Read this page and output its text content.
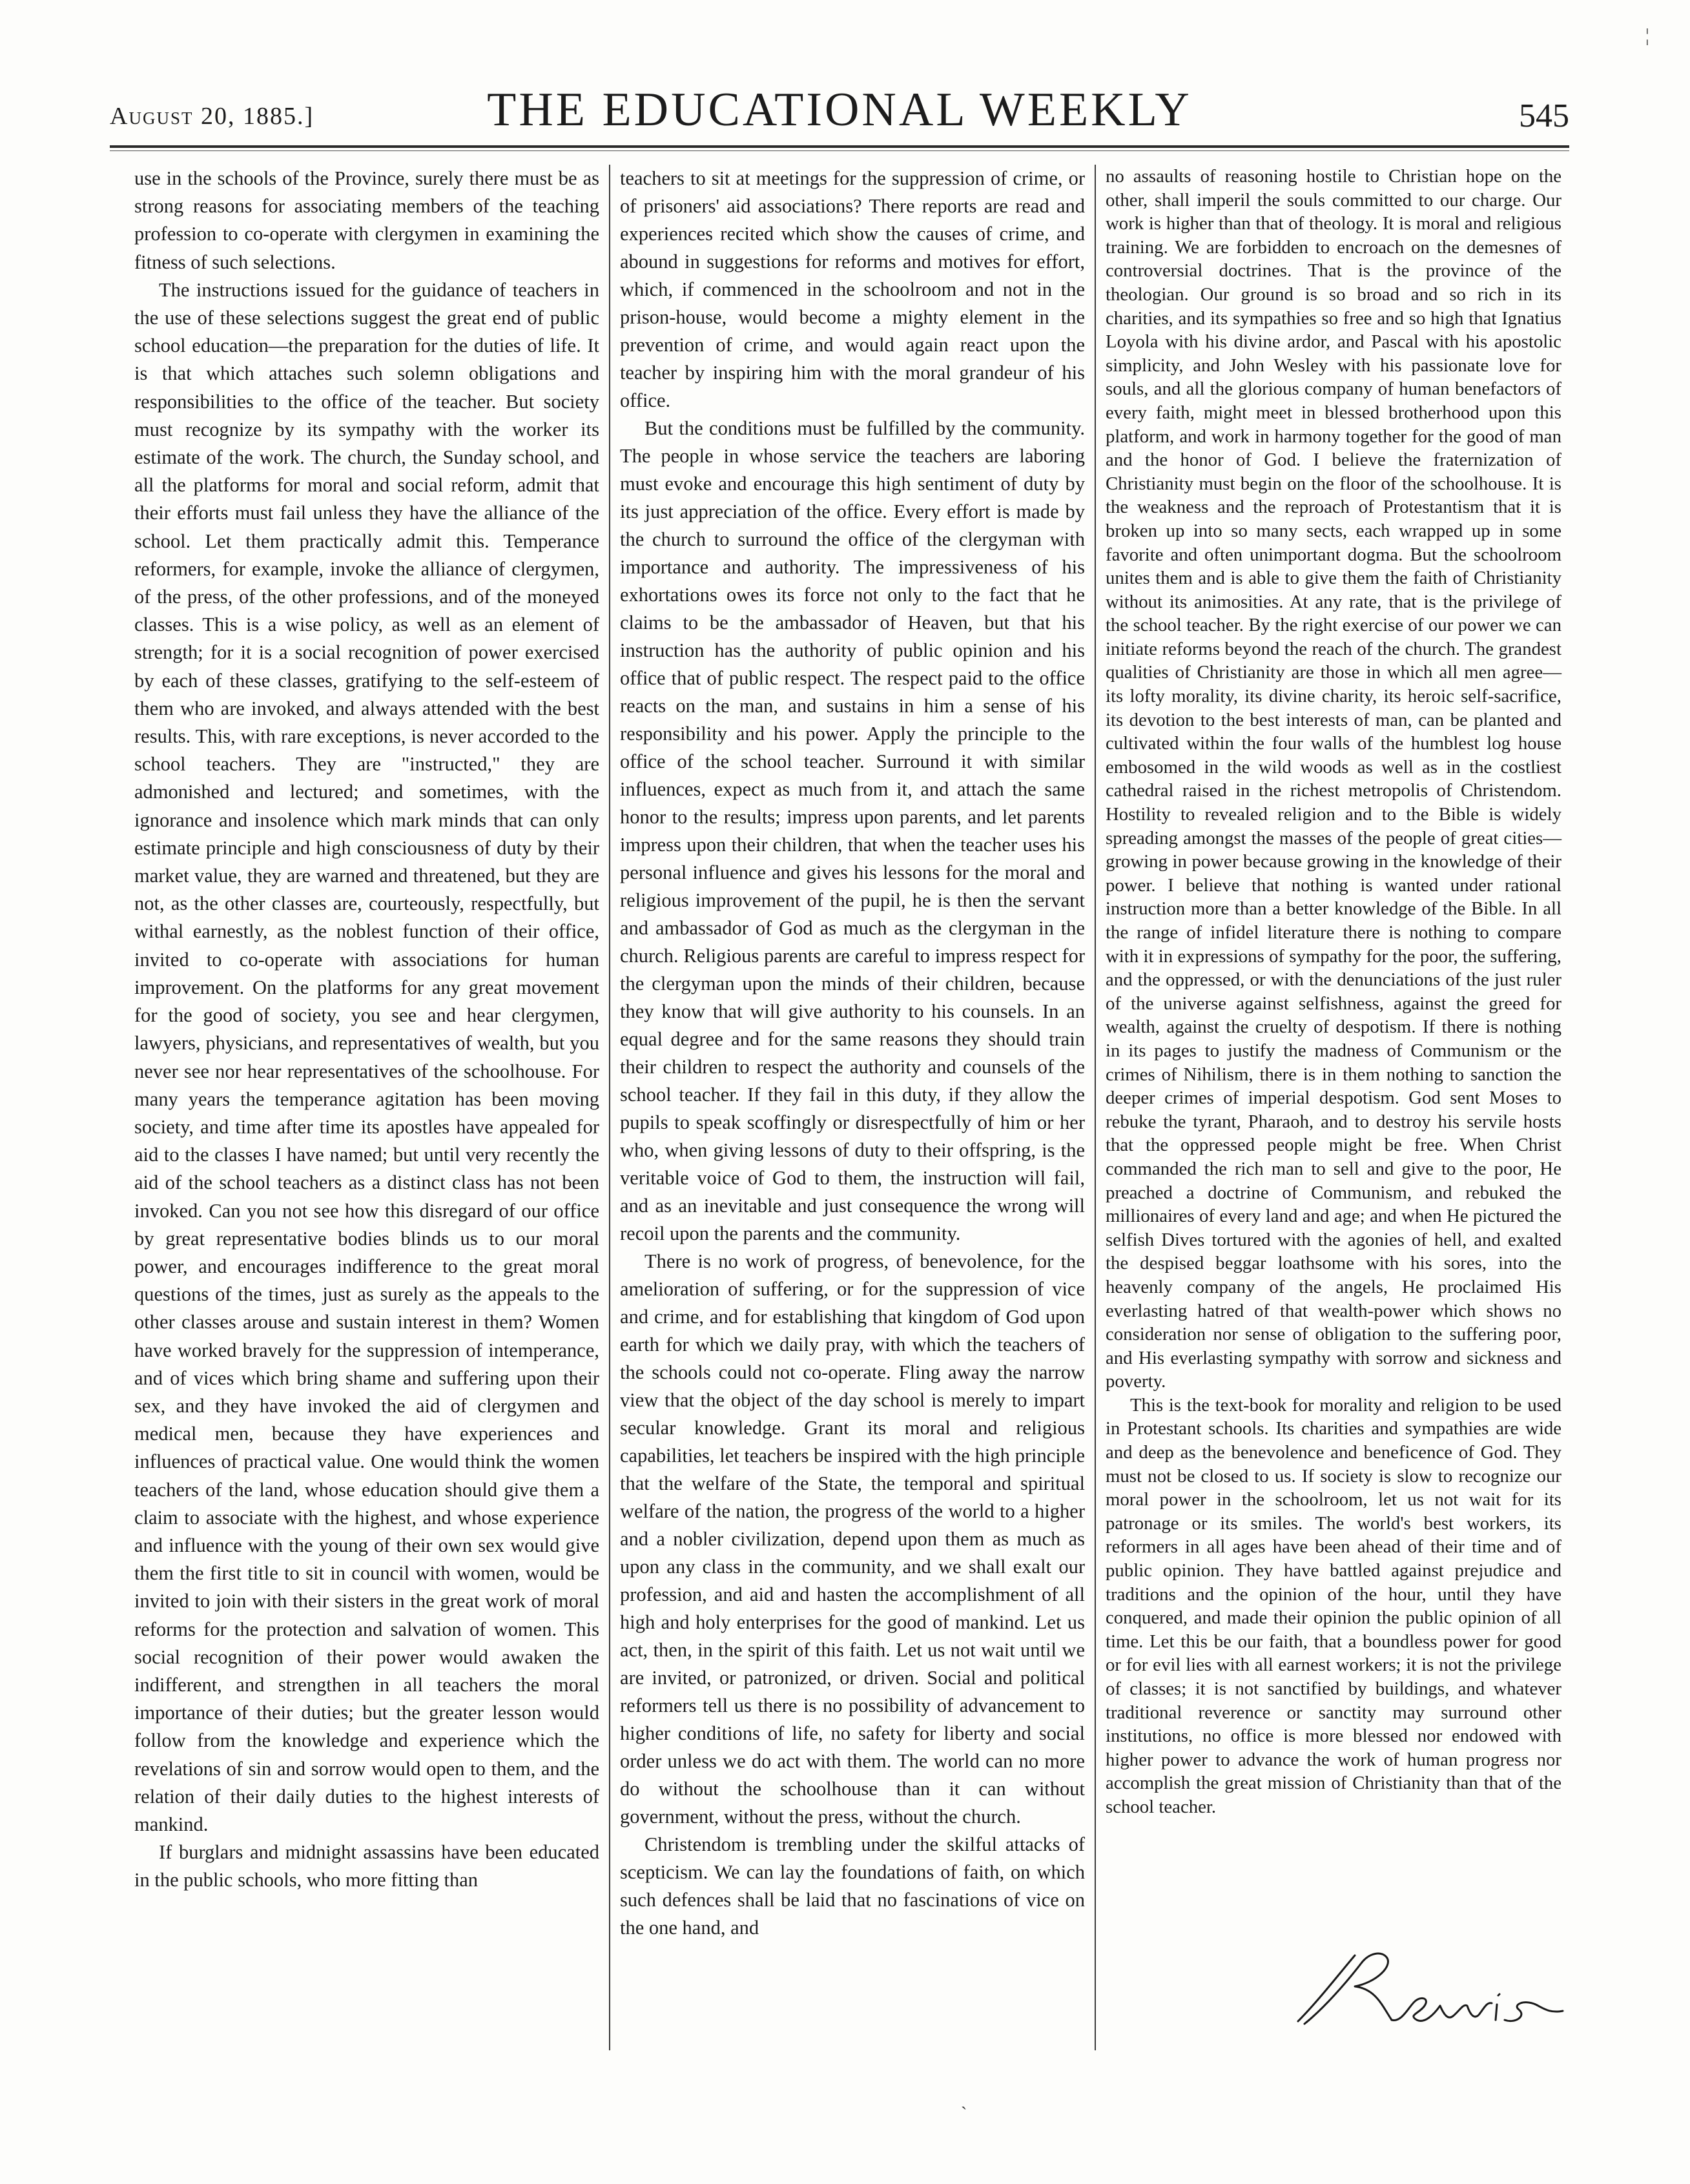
August 20, 1885.]	THE EDUCATIONAL WEEKLY	545

use in the schools of the Province, surely there must be as strong reasons for associating members of the teaching profession to co-operate with clergymen in examining the fitness of such selections.

The instructions issued for the guidance of teachers in the use of these selections suggest the great end of public school education—the preparation for the duties of life. It is that which attaches such solemn obligations and responsibilities to the office of the teacher. But society must recognize by its sympathy with the worker its estimate of the work. The church, the Sunday school, and all the platforms for moral and social reform, admit that their efforts must fail unless they have the alliance of the school. Let them practically admit this. Temperance reformers, for example, invoke the alliance of clergymen, of the press, of the other professions, and of the moneyed classes. This is a wise policy, as well as an element of strength; for it is a social recognition of power exercised by each of these classes, gratifying to the self-esteem of them who are invoked, and always attended with the best results. This, with rare exceptions, is never accorded to the school teachers. They are "instructed," they are admonished and lectured; and sometimes, with the ignorance and insolence which mark minds that can only estimate principle and high consciousness of duty by their market value, they are warned and threatened, but they are not, as the other classes are, courteously, respectfully, but withal earnestly, as the noblest function of their office, invited to co-operate with associations for human improvement. On the platforms for any great movement for the good of society, you see and hear clergymen, lawyers, physicians, and representatives of wealth, but you never see nor hear representatives of the schoolhouse. For many years the temperance agitation has been moving society, and time after time its apostles have appealed for aid to the classes I have named; but until very recently the aid of the school teachers as a distinct class has not been invoked. Can you not see how this disregard of our office by great representative bodies blinds us to our moral power, and encourages indifference to the great moral questions of the times, just as surely as the appeals to the other classes arouse and sustain interest in them? Women have worked bravely for the suppression of intemperance, and of vices which bring shame and suffering upon their sex, and they have invoked the aid of clergymen and medical men, because they have experiences and influences of practical value. One would think the women teachers of the land, whose education should give them a claim to associate with the highest, and whose experience and influence with the young of their own sex would give them the first title to sit in council with women, would be invited to join with their sisters in the great work of moral reforms for the protection and salvation of women. This social recognition of their power would awaken the indifferent, and strengthen in all teachers the moral importance of their duties; but the greater lesson would follow from the knowledge and experience which the revelations of sin and sorrow would open to them, and the relation of their daily duties to the highest interests of mankind.

If burglars and midnight assassins have been educated in the public schools, who more fitting than

teachers to sit at meetings for the suppression of crime, or of prisoners' aid associations? There reports are read and experiences recited which show the causes of crime, and abound in suggestions for reforms and motives for effort, which, if commenced in the schoolroom and not in the prison-house, would become a mighty element in the prevention of crime, and would again react upon the teacher by inspiring him with the moral grandeur of his office.

But the conditions must be fulfilled by the community. The people in whose service the teachers are laboring must evoke and encourage this high sentiment of duty by its just appreciation of the office. Every effort is made by the church to surround the office of the clergyman with importance and authority. The impressiveness of his exhortations owes its force not only to the fact that he claims to be the ambassador of Heaven, but that his instruction has the authority of public opinion and his office that of public respect. The respect paid to the office reacts on the man, and sustains in him a sense of his responsibility and his power. Apply the principle to the office of the school teacher. Surround it with similar influences, expect as much from it, and attach the same honor to the results; impress upon parents, and let parents impress upon their children, that when the teacher uses his personal influence and gives his lessons for the moral and religious improvement of the pupil, he is then the servant and ambassador of God as much as the clergyman in the church. Religious parents are careful to impress respect for the clergyman upon the minds of their children, because they know that will give authority to his counsels. In an equal degree and for the same reasons they should train their children to respect the authority and counsels of the school teacher. If they fail in this duty, if they allow the pupils to speak scoffingly or disrespectfully of him or her who, when giving lessons of duty to their offspring, is the veritable voice of God to them, the instruction will fail, and as an inevitable and just consequence the wrong will recoil upon the parents and the community.

There is no work of progress, of benevolence, for the amelioration of suffering, or for the suppression of vice and crime, and for establishing that kingdom of God upon earth for which we daily pray, with which the teachers of the schools could not co-operate. Fling away the narrow view that the object of the day school is merely to impart secular knowledge. Grant its moral and religious capabilities, let teachers be inspired with the high principle that the welfare of the State, the temporal and spiritual welfare of the nation, the progress of the world to a higher and a nobler civilization, depend upon them as much as upon any class in the community, and we shall exalt our profession, and aid and hasten the accomplishment of all high and holy enterprises for the good of mankind. Let us act, then, in the spirit of this faith. Let us not wait until we are invited, or patronized, or driven. Social and political reformers tell us there is no possibility of advancement to higher conditions of life, no safety for liberty and social order unless we do act with them. The world can no more do without the schoolhouse than it can without government, without the press, without the church.

Christendom is trembling under the skilful attacks of scepticism. We can lay the foundations of faith, on which such defences shall be laid that no fascinations of vice on the one hand, and

no assaults of reasoning hostile to Christian hope on the other, shall imperil the souls committed to our charge. Our work is higher than that of theology. It is moral and religious training. We are forbidden to encroach on the demesnes of controversial doctrines. That is the province of the theologian. Our ground is so broad and so rich in its charities, and its sympathies so free and so high that Ignatius Loyola with his divine ardor, and Pascal with his apostolic simplicity, and John Wesley with his passionate love for souls, and all the glorious company of human benefactors of every faith, might meet in blessed brotherhood upon this platform, and work in harmony together for the good of man and the honor of God. I believe the fraternization of Christianity must begin on the floor of the schoolhouse. It is the weakness and the reproach of Protestantism that it is broken up into so many sects, each wrapped up in some favorite and often unimportant dogma. But the schoolroom unites them and is able to give them the faith of Christianity without its animosities. At any rate, that is the privilege of the school teacher. By the right exercise of our power we can initiate reforms beyond the reach of the church. The grandest qualities of Christianity are those in which all men agree—its lofty morality, its divine charity, its heroic self-sacrifice, its devotion to the best interests of man, can be planted and cultivated within the four walls of the humblest log house embosomed in the wild woods as well as in the costliest cathedral raised in the richest metropolis of Christendom. Hostility to revealed religion and to the Bible is widely spreading amongst the masses of the people of great cities—growing in power because growing in the knowledge of their power. I believe that nothing is wanted under rational instruction more than a better knowledge of the Bible. In all the range of infidel literature there is nothing to compare with it in expressions of sympathy for the poor, the suffering, and the oppressed, or with the denunciations of the just ruler of the universe against selfishness, against the greed for wealth, against the cruelty of despotism. If there is nothing in its pages to justify the madness of Communism or the crimes of Nihilism, there is in them nothing to sanction the deeper crimes of imperial despotism. God sent Moses to rebuke the tyrant, Pharaoh, and to destroy his servile hosts that the oppressed people might be free. When Christ commanded the rich man to sell and give to the poor, He preached a doctrine of Communism, and rebuked the millionaires of every land and age; and when He pictured the selfish Dives tortured with the agonies of hell, and exalted the despised beggar loathsome with his sores, into the heavenly company of the angels, He proclaimed His everlasting hatred of that wealth-power which shows no consideration nor sense of obligation to the suffering poor, and His everlasting sympathy with sorrow and sickness and poverty.

This is the text-book for morality and religion to be used in Protestant schools. Its charities and sympathies are wide and deep as the benevolence and beneficence of God. They must not be closed to us. If society is slow to recognize our moral power in the schoolroom, let us not wait for its patronage or its smiles. The world's best workers, its reformers in all ages have been ahead of their time and of public opinion. They have battled against prejudice and traditions and the opinion of the hour, until they have conquered, and made their opinion the public opinion of all time. Let this be our faith, that a boundless power for good or for evil lies with all earnest workers; it is not the privilege of classes; it is not sanctified by buildings, and whatever traditional reverence or sanctity may surround other institutions, no office is more blessed nor endowed with higher power to advance the work of human progress nor accomplish the great mission of Christianity than that of the school teacher.

¦
ˋ
